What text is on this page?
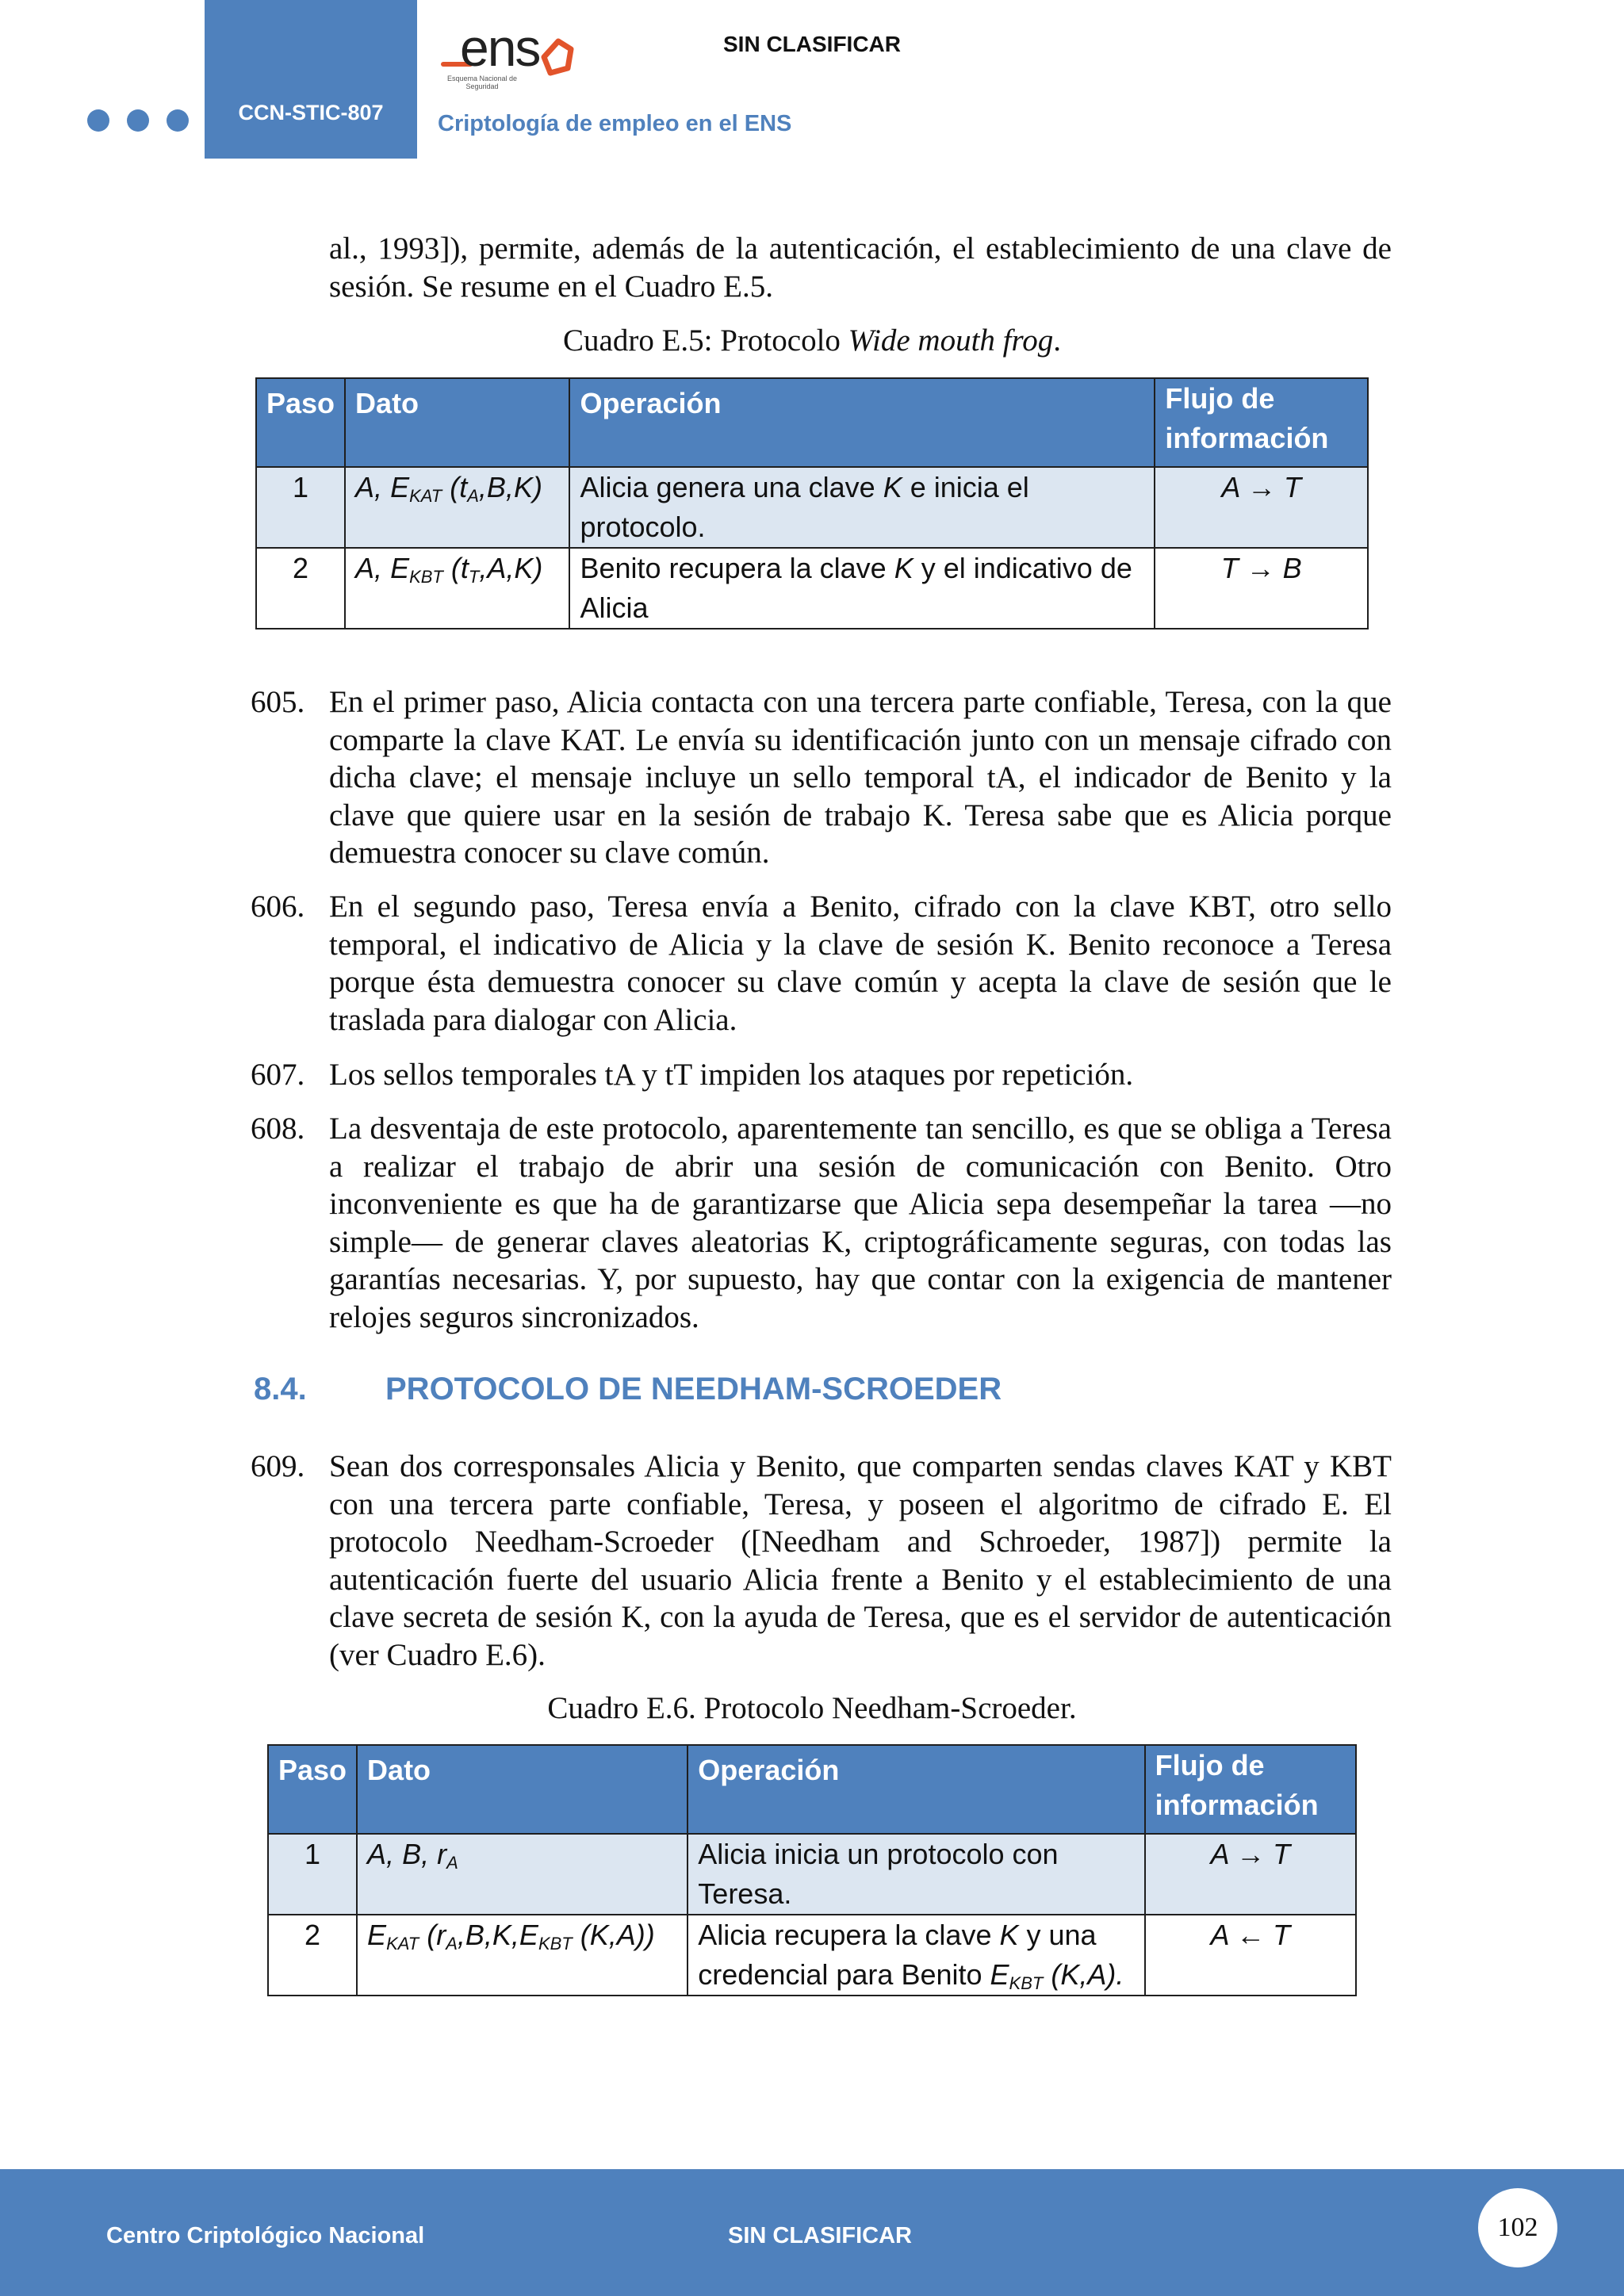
CCN-STIC-807
ens
Esquema Nacional de Seguridad
SIN CLASIFICAR
Criptología de empleo en el ENS
al., 1993]), permite, además de la autenticación, el establecimiento de una clave de sesión. Se resume en el Cuadro E.5.
Cuadro E.5: Protocolo Wide mouth frog.
Paso	Dato	Operación	Flujo de información
1	A, $E_{KAT}$ $(t_A,B,K)$	Alicia genera una clave K e inicia el protocolo.	A → T
2	A, $E_{KBT}$ $(t_T,A,K)$	Benito recupera la clave K y el indicativo de Alicia	T → B
605. En el primer paso, Alicia contacta con una tercera parte confiable, Teresa, con la que comparte la clave KAT. Le envía su identificación junto con un mensaje cifrado con dicha clave; el mensaje incluye un sello temporal tA, el indicador de Benito y la clave que quiere usar en la sesión de trabajo K. Teresa sabe que es Alicia porque demuestra conocer su clave común.
606. En el segundo paso, Teresa envía a Benito, cifrado con la clave KBT, otro sello temporal, el indicativo de Alicia y la clave de sesión K. Benito reconoce a Teresa porque ésta demuestra conocer su clave común y acepta la clave de sesión que le traslada para dialogar con Alicia.
607. Los sellos temporales tA y tT impiden los ataques por repetición.
608. La desventaja de este protocolo, aparentemente tan sencillo, es que se obliga a Teresa a realizar el trabajo de abrir una sesión de comunicación con Benito. Otro inconveniente es que ha de garantizarse que Alicia sepa desempeñar la tarea —no simple— de generar claves aleatorias K, criptográficamente seguras, con todas las garantías necesarias. Y, por supuesto, hay que contar con la exigencia de mantener relojes seguros sincronizados.
8.4. PROTOCOLO DE NEEDHAM-SCROEDER
609. Sean dos corresponsales Alicia y Benito, que comparten sendas claves KAT y KBT con una tercera parte confiable, Teresa, y poseen el algoritmo de cifrado E. El protocolo Needham-Scroeder ([Needham and Schroeder, 1987]) permite la autenticación fuerte del usuario Alicia frente a Benito y el establecimiento de una clave secreta de sesión K, con la ayuda de Teresa, que es el servidor de autenticación (ver Cuadro E.6).
Cuadro E.6. Protocolo Needham-Scroeder.
Paso	Dato	Operación	Flujo de información
1	A, B, $r_A$	Alicia inicia un protocolo con Teresa.	A → T
2	$E_{KAT}$ ($r_A,B,K,E_{KBT}$ (K,A))	Alicia recupera la clave K y una credencial para Benito $E_{KBT}$ (K,A).	A ← T
Centro Criptológico Nacional	SIN CLASIFICAR	102
